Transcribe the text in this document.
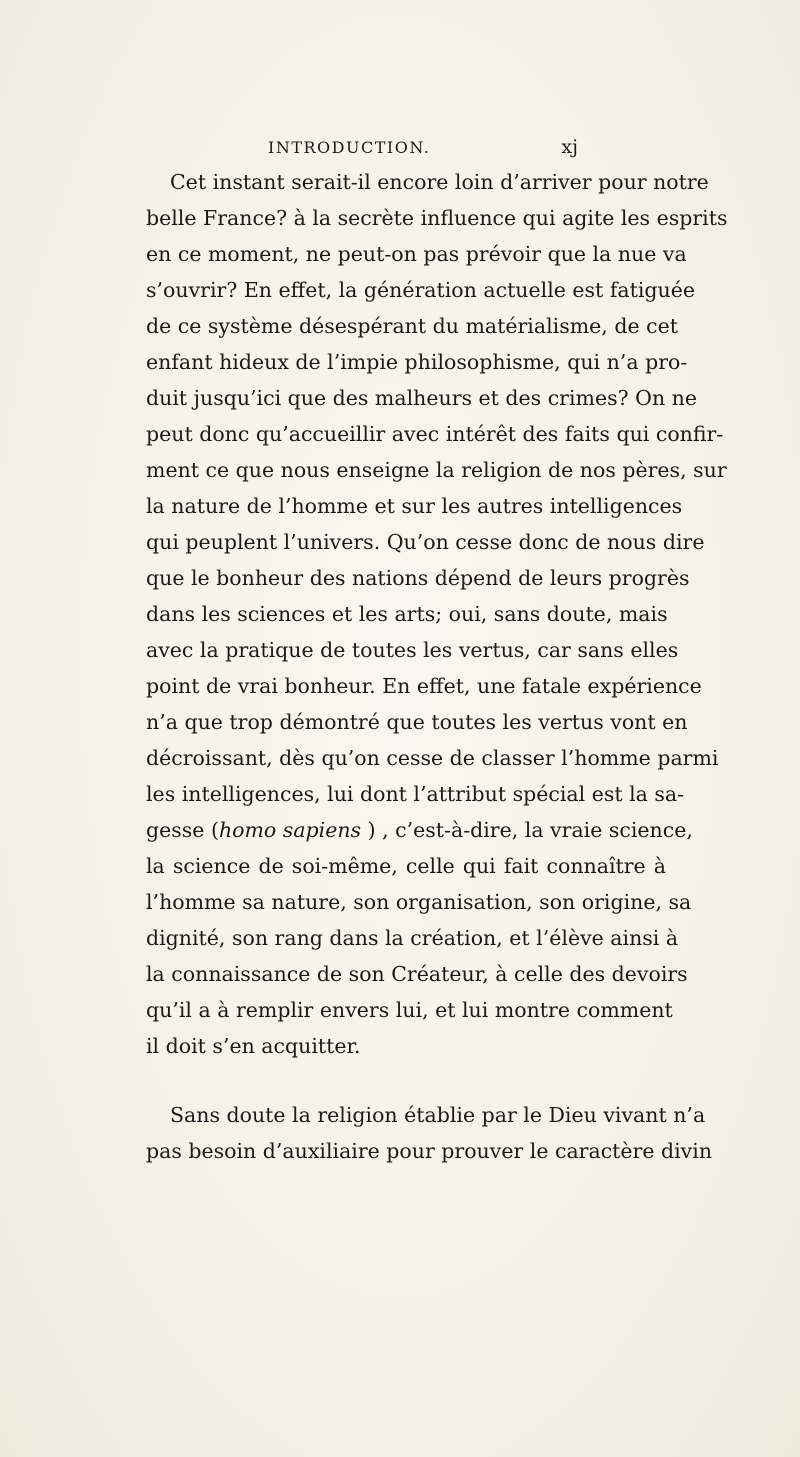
INTRODUCTION.	xj
Cet instant serait-il encore loin d’arriver pour notre
belle France? à la secrète influence qui agite les esprits
en ce moment, ne peut-on pas prévoir que la nue va
s’ouvrir? En effet, la génération actuelle est fatiguée
de ce système désespérant du matérialisme, de cet
enfant hideux de l’impie philosophisme, qui n’a pro-
duit jusqu’ici que des malheurs et des crimes? On ne
peut donc qu’accueillir avec intérêt des faits qui confir-
ment ce que nous enseigne la religion de nos pères, sur
la nature de l’homme et sur les autres intelligences
qui peuplent l’univers. Qu’on cesse donc de nous dire
que le bonheur des nations dépend de leurs progrès
dans les sciences et les arts; oui, sans doute, mais
avec la pratique de toutes les vertus, car sans elles
point de vrai bonheur. En effet, une fatale expérience
n’a que trop démontré que toutes les vertus vont en
décroissant, dès qu’on cesse de classer l’homme parmi
les intelligences, lui dont l’attribut spécial est la sa-
gesse (homo sapiens ) , c’est-à-dire, la vraie science,
la science de soi-même, celle qui fait connaître à
l’homme sa nature, son organisation, son origine, sa
dignité, son rang dans la création, et l’élève ainsi à
la connaissance de son Créateur, à celle des devoirs
qu’il a à remplir envers lui, et lui montre comment
il doit s’en acquitter.
Sans doute la religion établie par le Dieu vivant n’a
pas besoin d’auxiliaire pour prouver le caractère divin
